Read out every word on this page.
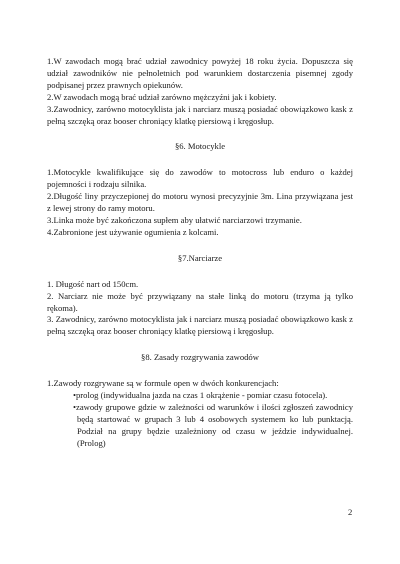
1.W zawodach mogą brać udział zawodnicy powyżej 18 roku życia. Dopuszcza się udział zawodników nie pełnoletnich pod warunkiem dostarczenia pisemnej zgody podpisanej przez prawnych opiekunów.

2.W zawodach mogą brać udział zarówno mężczyźni jak i kobiety.

3.Zawodnicy, zarówno motocyklista jak i narciarz muszą posiadać obowiązkowo kask z pełną szczęką oraz booser chroniący klatkę piersiową i kręgosłup.

§6. Motocykle

1.Motocykle kwalifikujące się do zawodów to motocross lub enduro o każdej pojemności i rodzaju silnika.

2.Długość liny przyczepionej do motoru wynosi precyzyjnie 3m. Lina przywiązana jest z lewej strony do ramy motoru.

3.Linka może być zakończona supłem aby ułatwić narciarzowi trzymanie.

4.Zabronione jest używanie ogumienia z kolcami.

§7.Narciarze

1. Długość nart od 150cm.

2. Narciarz nie może być przywiązany na stałe linką do motoru (trzyma ją tylko rękoma).

3. Zawodnicy, zarówno motocyklista jak i narciarz muszą posiadać obowiązkowo kask z pełną szczęką oraz booser chroniący klatkę piersiową i kręgosłup.

§8. Zasady rozgrywania zawodów

1.Zawody rozgrywane są w formule open w dwóch konkurencjach:

•prolog (indywidualna jazda na czas 1 okrążenie - pomiar czasu fotocela).

•zawody grupowe gdzie w zależności od warunków i ilości zgłoszeń zawodnicy będą startować w grupach 3 lub 4 osobowych systemem ko lub punktacją. Podział na grupy będzie uzależniony od czasu w jeździe indywidualnej. (Prolog)

2
